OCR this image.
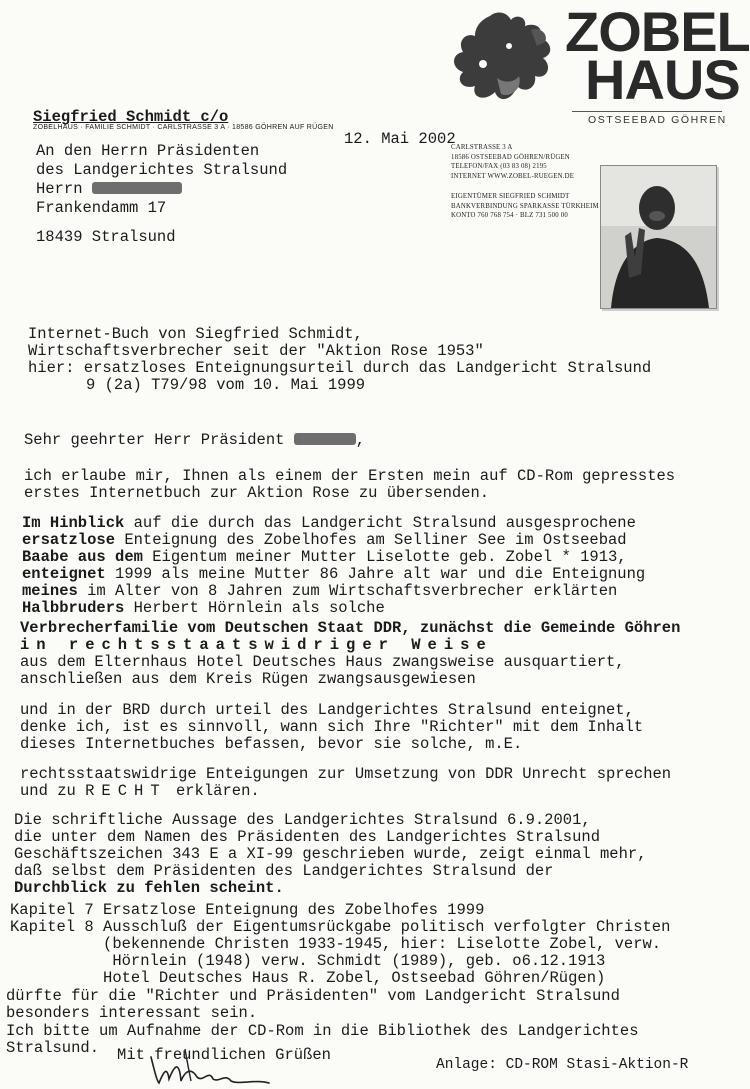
ZOBEL
HAUS
OSTSEEBAD GÖHREN
Siegfried Schmidt c/o
ZOBELHAUS · FAMILIE SCHMIDT · CARLSTRASSE 3 A · 18586 GÖHREN AUF RÜGEN
12. Mai 2002
An den Herrn Präsidenten
des Landgerichtes Stralsund
Herrn
Frankendamm 17
18439 Stralsund
CARLSTRASSE 3 A
18586 OSTSEEBAD GÖHREN/RÜGEN
TELEFON/FAX (03 83 08) 2195
INTERNET WWW.ZOBEL-RUEGEN.DE
EIGENTÜMER SIEGFRIED SCHMIDT
BANKVERBINDUNG SPARKASSE TÜRKHEIM
KONTO 760 768 754 · BLZ 731 500 00
Internet-Buch von Siegfried Schmidt,
Wirtschaftsverbrecher seit der "Aktion Rose 1953"
hier: ersatzloses Enteignungsurteil durch das Landgericht Stralsund
9 (2a) T79/98 vom 10. Mai 1999
Sehr geehrter Herr Präsident	,
ich erlaube mir, Ihnen als einem der Ersten mein auf CD-Rom gepresstes
erstes Internetbuch zur Aktion Rose zu übersenden.
Im Hinblick auf die durch das Landgericht Stralsund ausgesprochene
ersatzlose Enteignung des Zobelhofes am Selliner See im Ostseebad
Baabe aus dem Eigentum meiner Mutter Liselotte geb. Zobel * 1913,
enteignet 1999 als meine Mutter 86 Jahre alt war und die Enteignung
meines im Alter von 8 Jahren zum Wirtschaftsverbrecher erklärten
Halbbruders Herbert Hörnlein als solche
Verbrecherfamilie vom Deutschen Staat DDR, zunächst die Gemeinde Göhren
in rechtsstaatswidriger Weise
aus dem Elternhaus Hotel Deutsches Haus zwangsweise ausquartiert,
anschließen aus dem Kreis Rügen zwangsausgewiesen
und in der BRD durch urteil des Landgerichtes Stralsund enteignet,
denke ich, ist es sinnvoll, wann sich Ihre "Richter" mit dem Inhalt
dieses Internetbuches befassen, bevor sie solche, m.E.
rechtsstaatswidrige Enteigungen zur Umsetzung von DDR Unrecht sprechen
und zu RECHT erklären.
Die schriftliche Aussage des Landgerichtes Stralsund 6.9.2001,
die unter dem Namen des Präsidenten des Landgerichtes Stralsund
Geschäftszeichen 343 E a XI-99 geschrieben wurde, zeigt einmal mehr,
daß selbst dem Präsidenten des Landgerichtes Stralsund der
Durchblick zu fehlen scheint.
Kapitel 7 Ersatzlose Enteignung des Zobelhofes 1999
Kapitel 8 Ausschluß der Eigentumsrückgabe politisch verfolgter Christen
(bekennende Christen 1933-1945, hier: Liselotte Zobel, verw.
Hörnlein (1948) verw. Schmidt (1989), geb. o6.12.1913
Hotel Deutsches Haus R. Zobel, Ostseebad Göhren/Rügen)
dürfte für die "Richter und Präsidenten" vom Landgericht Stralsund
besonders interessant sein.
Ich bitte um Aufnahme der CD-Rom in die Bibliothek des Landgerichtes
Stralsund. Mit freundlichen Grüßen
Anlage: CD-ROM Stasi-Aktion-R
